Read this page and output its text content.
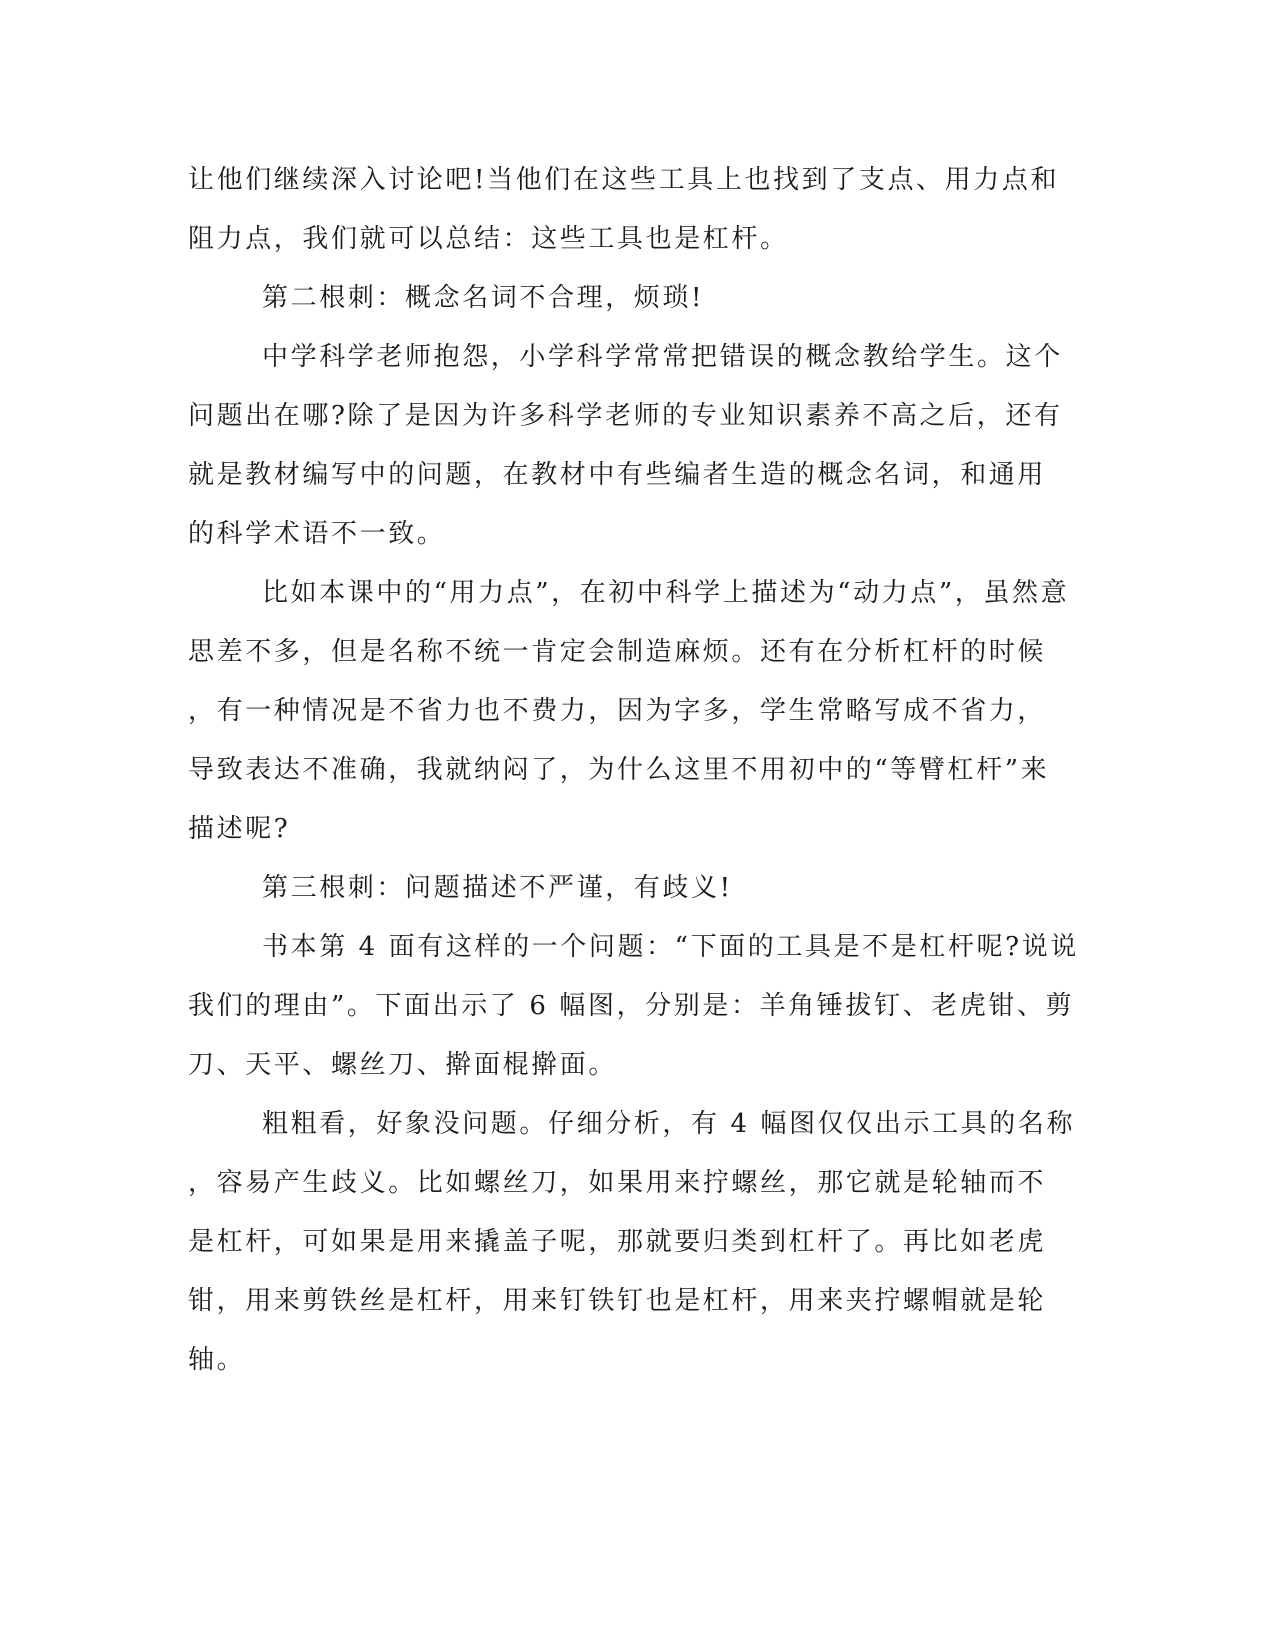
让他们继续深入讨论吧!当他们在这些工具上也找到了支点、用力点和
阻力点，我们就可以总结：这些工具也是杠杆。
第二根刺：概念名词不合理，烦琐!
中学科学老师抱怨，小学科学常常把错误的概念教给学生。这个
问题出在哪?除了是因为许多科学老师的专业知识素养不高之后，还有
就是教材编写中的问题，在教材中有些编者生造的概念名词，和通用
的科学术语不一致。
比如本课中的“用力点”，在初中科学上描述为“动力点”，虽然意
思差不多，但是名称不统一肯定会制造麻烦。还有在分析杠杆的时候
，有一种情况是不省力也不费力，因为字多，学生常略写成不省力，
导致表达不准确，我就纳闷了，为什么这里不用初中的“等臂杠杆”来
描述呢?
第三根刺：问题描述不严谨，有歧义!
书本第 4 面有这样的一个问题：“下面的工具是不是杠杆呢?说说
我们的理由”。下面出示了 6 幅图，分别是：羊角锤拔钉、老虎钳、剪
刀、天平、螺丝刀、擀面棍擀面。
粗粗看，好象没问题。仔细分析，有 4 幅图仅仅出示工具的名称
，容易产生歧义。比如螺丝刀，如果用来拧螺丝，那它就是轮轴而不
是杠杆，可如果是用来撬盖子呢，那就要归类到杠杆了。再比如老虎
钳，用来剪铁丝是杠杆，用来钉铁钉也是杠杆，用来夹拧螺帽就是轮
轴。
